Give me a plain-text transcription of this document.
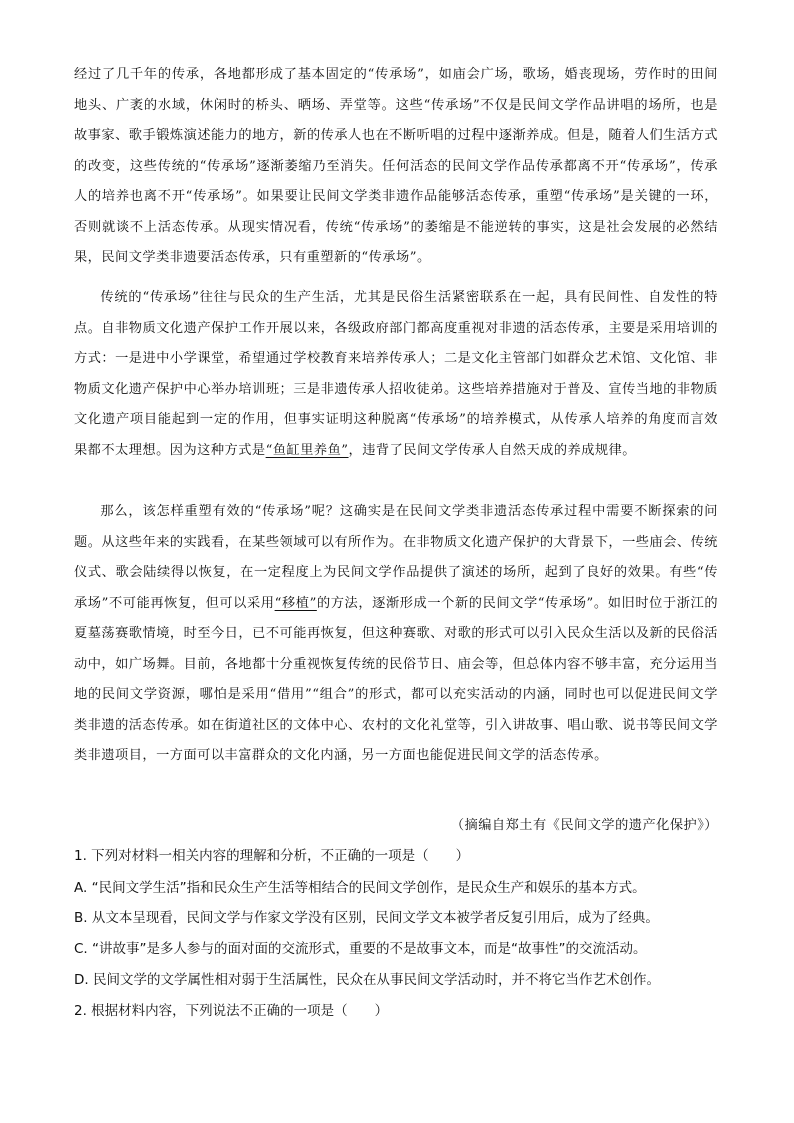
经过了几千年的传承，各地都形成了基本固定的“传承场”，如庙会广场，歌场，婚丧现场，劳作时的田间地头、广袤的水域，休闲时的桥头、晒场、弄堂等。这些“传承场”不仅是民间文学作品讲唱的场所，也是故事家、歌手锻炼演述能力的地方，新的传承人也在不断听唱的过程中逐渐养成。但是，随着人们生活方式的改变，这些传统的“传承场”逐渐萎缩乃至消失。任何活态的民间文学作品传承都离不开“传承场”，传承人的培养也离不开“传承场”。如果要让民间文学类非遗作品能够活态传承，重塑“传承场”是关键的一环，否则就谈不上活态传承。从现实情况看，传统“传承场”的萎缩是不能逆转的事实，这是社会发展的必然结果，民间文学类非遗要活态传承，只有重塑新的“传承场”。

传统的“传承场”往往与民众的生产生活，尤其是民俗生活紧密联系在一起，具有民间性、自发性的特点。自非物质文化遗产保护工作开展以来，各级政府部门都高度重视对非遗的活态传承，主要是采用培训的方式：一是进中小学课堂，希望通过学校教育来培养传承人；二是文化主管部门如群众艺术馆、文化馆、非物质文化遗产保护中心举办培训班；三是非遗传承人招收徒弟。这些培养措施对于普及、宣传当地的非物质文化遗产项目能起到一定的作用，但事实证明这种脱离“传承场”的培养模式，从传承人培养的角度而言效果都不太理想。因为这种方式是“鱼缸里养鱼”，违背了民间文学传承人自然天成的养成规律。

那么，该怎样重塑有效的“传承场”呢？这确实是在民间文学类非遗活态传承过程中需要不断探索的问题。从这些年来的实践看，在某些领域可以有所作为。在非物质文化遗产保护的大背景下，一些庙会、传统仪式、歌会陆续得以恢复，在一定程度上为民间文学作品提供了演述的场所，起到了良好的效果。有些“传承场”不可能再恢复，但可以采用“移植”的方法，逐渐形成一个新的民间文学“传承场”。如旧时位于浙江的夏墓荡赛歌情境，时至今日，已不可能再恢复，但这种赛歌、对歌的形式可以引入民众生活以及新的民俗活动中，如广场舞。目前，各地都十分重视恢复传统的民俗节日、庙会等，但总体内容不够丰富，充分运用当地的民间文学资源，哪怕是采用“借用”“组合”的形式，都可以充实活动的内涵，同时也可以促进民间文学类非遗的活态传承。如在街道社区的文体中心、农村的文化礼堂等，引入讲故事、唱山歌、说书等民间文学类非遗项目，一方面可以丰富群众的文化内涵，另一方面也能促进民间文学的活态传承。

（摘编自郑土有《民间文学的遗产化保护》）

1. 下列对材料一相关内容的理解和分析，不正确的一项是（　　）

A. “民间文学生活”指和民众生产生活等相结合的民间文学创作，是民众生产和娱乐的基本方式。

B. 从文本呈现看，民间文学与作家文学没有区别，民间文学文本被学者反复引用后，成为了经典。

C. “讲故事”是多人参与的面对面的交流形式，重要的不是故事文本，而是“故事性”的交流活动。

D. 民间文学的文学属性相对弱于生活属性，民众在从事民间文学活动时，并不将它当作艺术创作。

2. 根据材料内容，下列说法不正确的一项是（　　）
